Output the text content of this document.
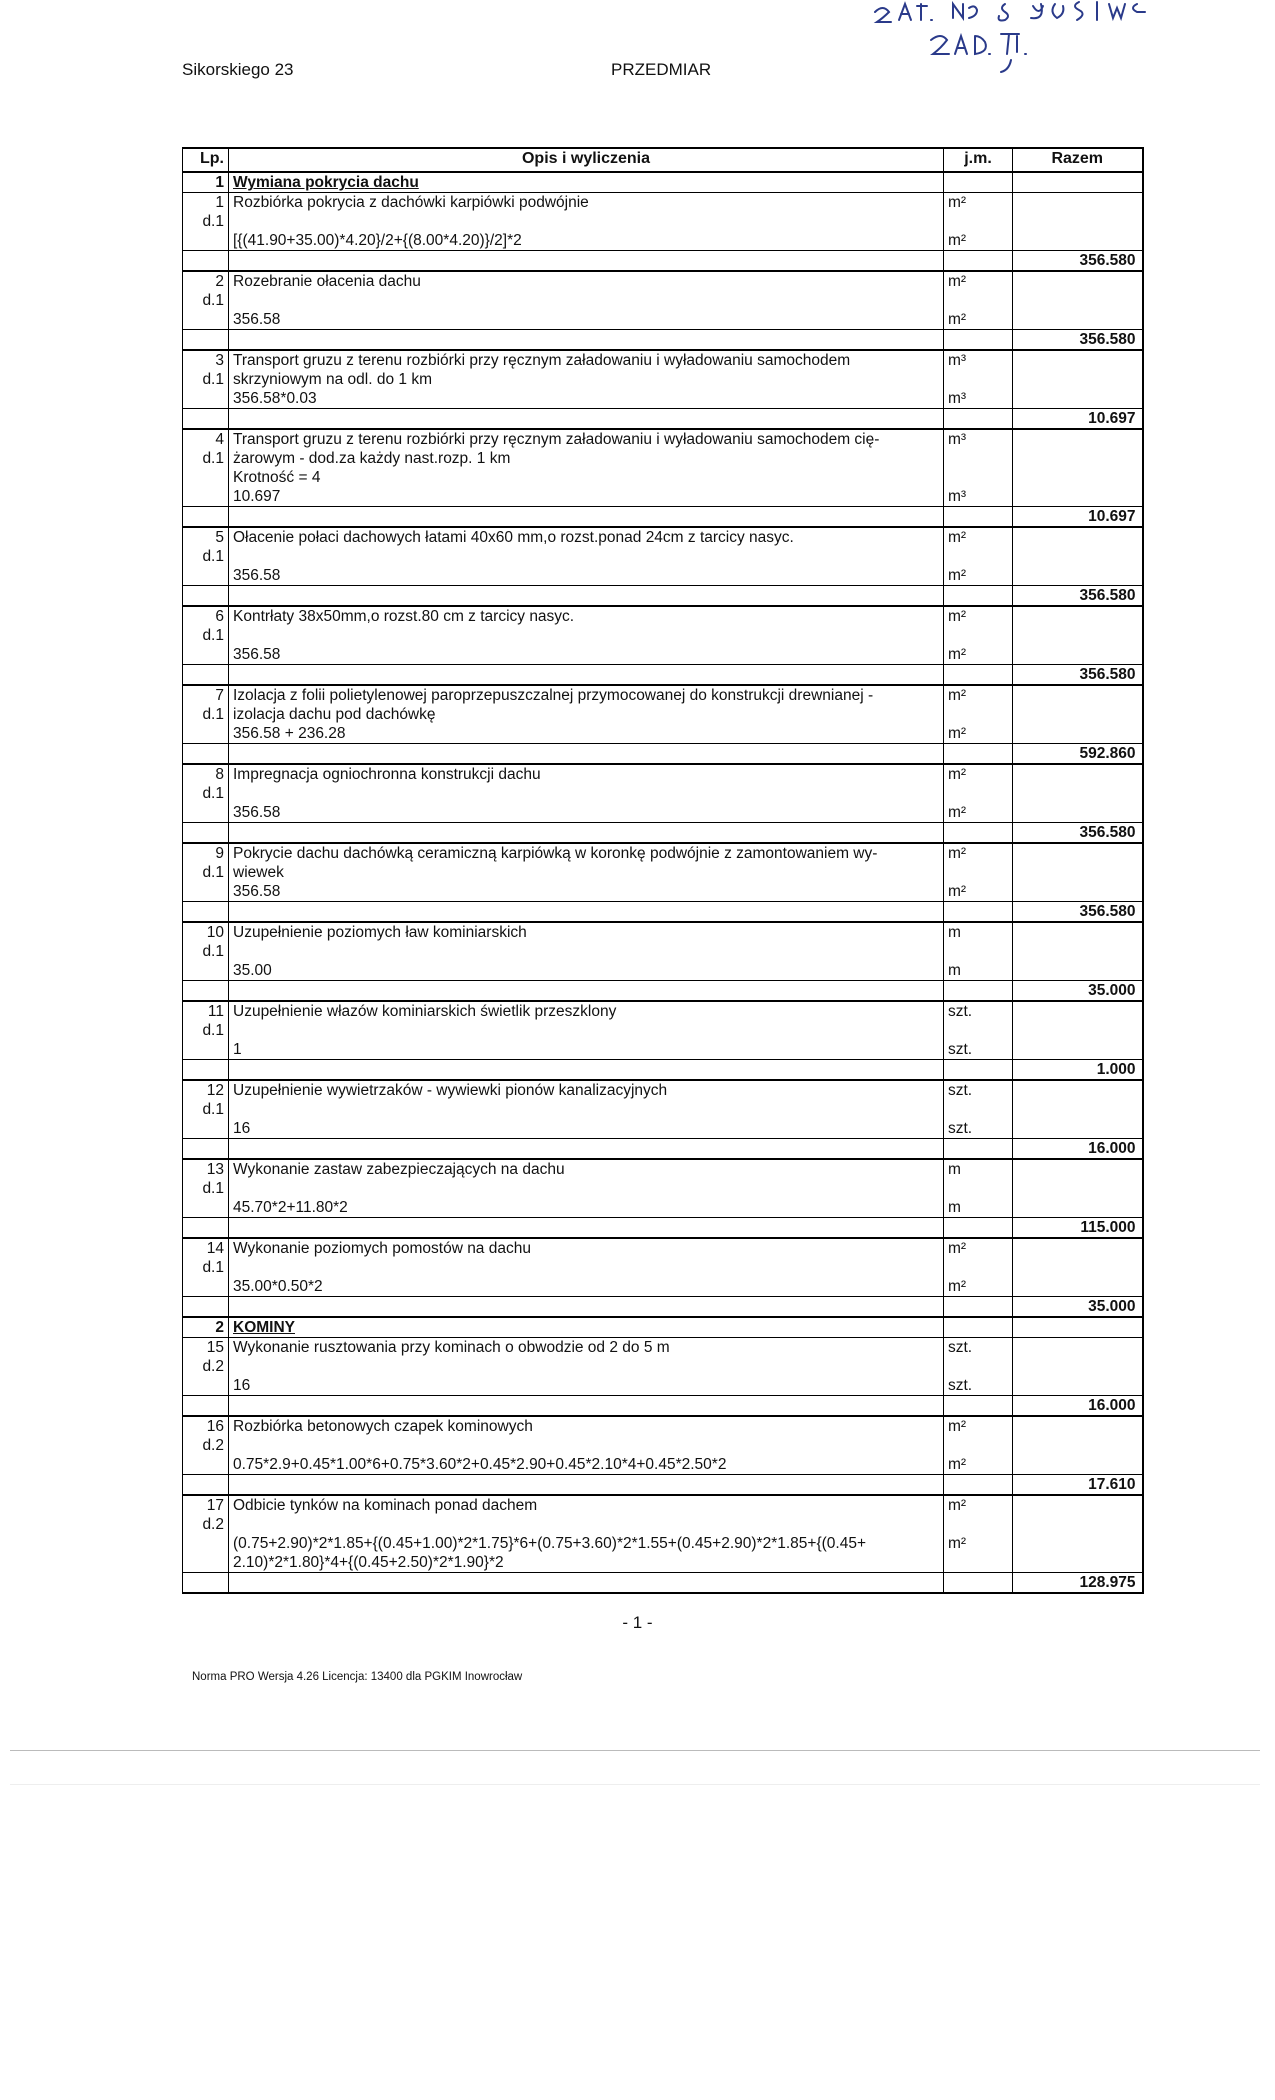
Sikorskiego 23	PRZEDMIAR
Lp.	Opis i wyliczenia	j.m.	Razem
1	Wymiana pokrycia dachu		
1	Rozbiórka pokrycia z dachówki karpiówki podwójnie	m²	
d.1			
	[{(41.90+35.00)*4.20}/2+{(8.00*4.20)}/2]*2	m²	
			356.580
2	Rozebranie ołacenia dachu	m²	
d.1			
	356.58	m²	
			356.580
3	Transport gruzu z terenu rozbiórki przy ręcznym załadowaniu i wyładowaniu samochodem	m³	
d.1	skrzyniowym na odl. do 1 km		
	356.58*0.03	m³	
			10.697
4	Transport gruzu z terenu rozbiórki przy ręcznym załadowaniu i wyładowaniu samochodem cię-	m³	
d.1	żarowym - dod.za każdy nast.rozp. 1 km		
	Krotność = 4		
	10.697	m³	
			10.697
5	Ołacenie połaci dachowych łatami 40x60 mm,o rozst.ponad 24cm z tarcicy nasyc.	m²	
d.1			
	356.58	m²	
			356.580
6	Kontrłaty 38x50mm,o rozst.80 cm z tarcicy nasyc.	m²	
d.1			
	356.58	m²	
			356.580
7	Izolacja z folii polietylenowej paroprzepuszczalnej przymocowanej do konstrukcji drewnianej -	m²	
d.1	izolacja dachu pod dachówkę		
	356.58 + 236.28	m²	
			592.860
8	Impregnacja ogniochronna konstrukcji dachu	m²	
d.1			
	356.58	m²	
			356.580
9	Pokrycie dachu dachówką ceramiczną karpiówką w koronkę podwójnie z zamontowaniem wy-	m²	
d.1	wiewek		
	356.58	m²	
			356.580
10	Uzupełnienie poziomych ław kominiarskich	m	
d.1			
	35.00	m	
			35.000
11	Uzupełnienie włazów kominiarskich świetlik przeszklony	szt.	
d.1			
	1	szt.	
			1.000
12	Uzupełnienie wywietrzaków - wywiewki pionów kanalizacyjnych	szt.	
d.1			
	16	szt.	
			16.000
13	Wykonanie zastaw zabezpieczających na dachu	m	
d.1			
	45.70*2+11.80*2	m	
			115.000
14	Wykonanie poziomych pomostów na dachu	m²	
d.1			
	35.00*0.50*2	m²	
			35.000
2	KOMINY		
15	Wykonanie rusztowania przy kominach o obwodzie od 2 do 5 m	szt.	
d.2			
	16	szt.	
			16.000
16	Rozbiórka betonowych czapek kominowych	m²	
d.2			
	0.75*2.9+0.45*1.00*6+0.75*3.60*2+0.45*2.90+0.45*2.10*4+0.45*2.50*2	m²	
			17.610
17	Odbicie tynków na kominach ponad dachem	m²	
d.2			
	(0.75+2.90)*2*1.85+{(0.45+1.00)*2*1.75}*6+(0.75+3.60)*2*1.55+(0.45+2.90)*2*1.85+{(0.45+	m²	
	2.10)*2*1.80}*4+{(0.45+2.50)*2*1.90}*2		
			128.975
- 1 -
Norma PRO Wersja 4.26 Licencja: 13400 dla PGKIM Inowrocław
